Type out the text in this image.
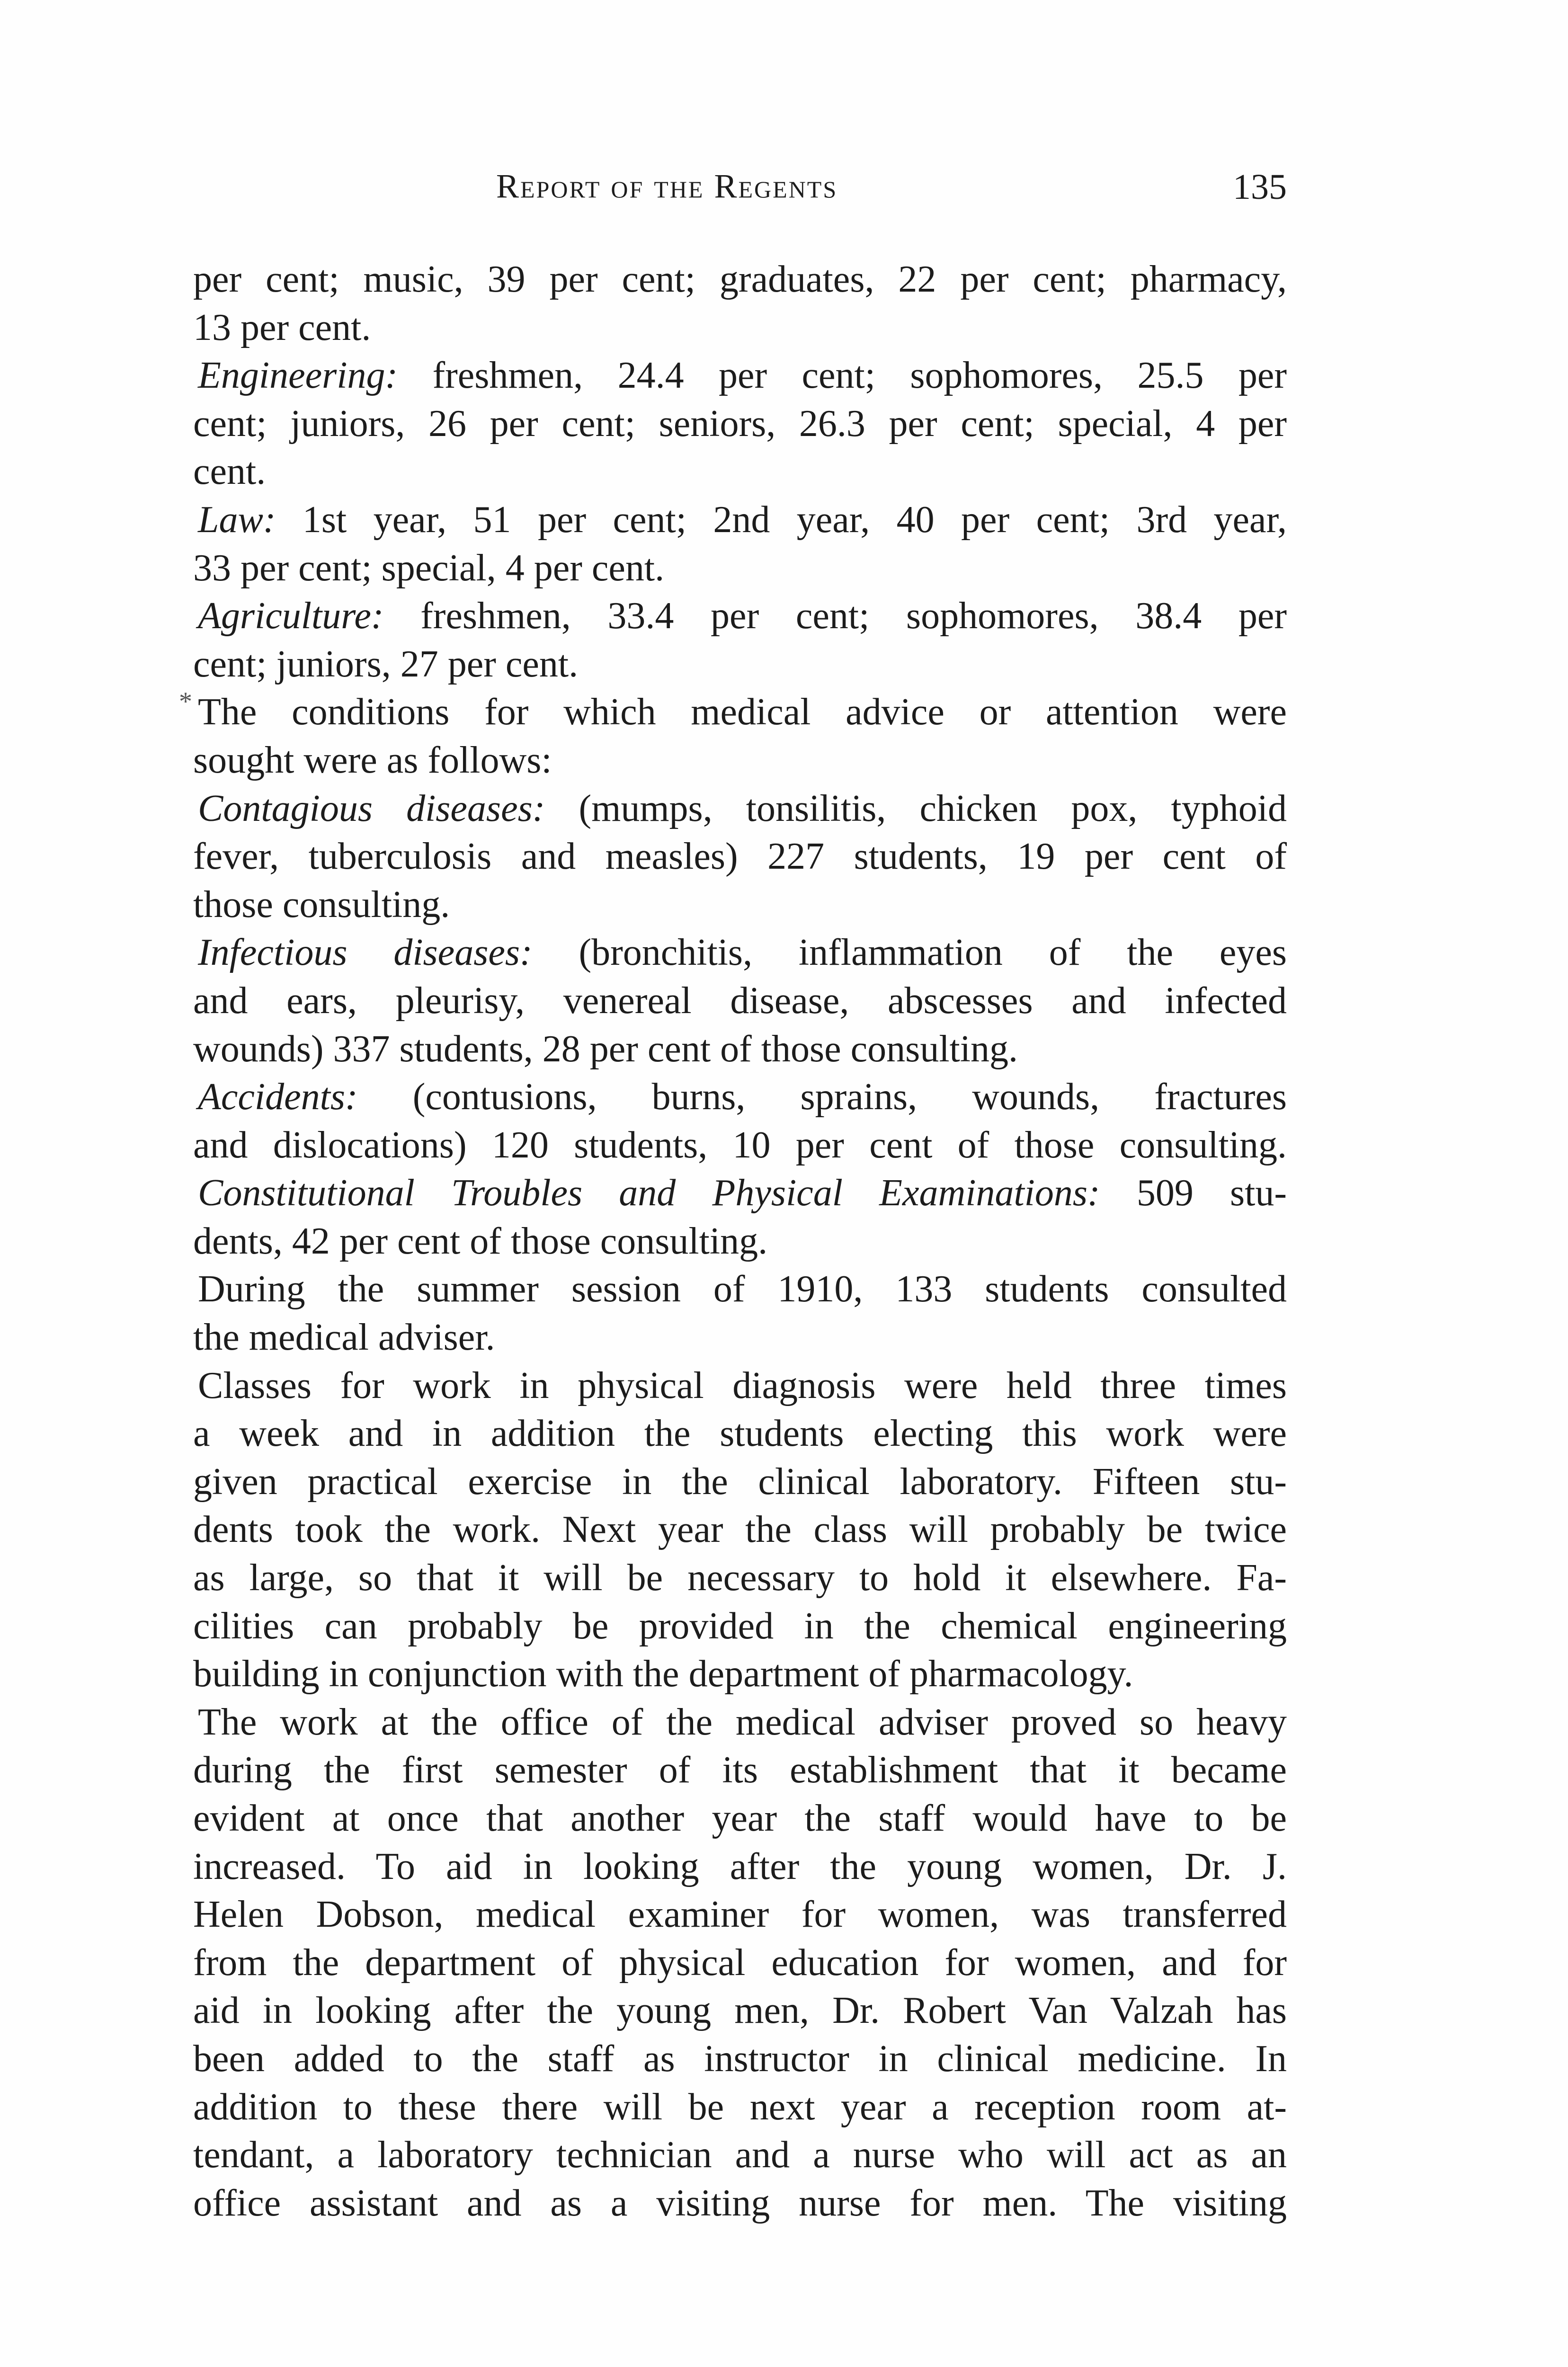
Report of the Regents	135
*
per cent; music, 39 per cent; graduates, 22 per cent; pharmacy,
13 per cent.
Engineering: freshmen, 24.4 per cent; sophomores, 25.5 per
cent; juniors, 26 per cent; seniors, 26.3 per cent; special, 4 per
cent.
Law: 1st year, 51 per cent; 2nd year, 40 per cent; 3rd year,
33 per cent; special, 4 per cent.
Agriculture: freshmen, 33.4 per cent; sophomores, 38.4 per
cent; juniors, 27 per cent.
The conditions for which medical advice or attention were
sought were as follows:
Contagious diseases: (mumps, tonsilitis, chicken pox, typhoid
fever, tuberculosis and measles) 227 students, 19 per cent of
those consulting.
Infectious diseases: (bronchitis, inflammation of the eyes
and ears, pleurisy, venereal disease, abscesses and infected
wounds) 337 students, 28 per cent of those consulting.
Accidents: (contusions, burns, sprains, wounds, fractures
and dislocations) 120 students, 10 per cent of those consulting.
Constitutional Troubles and Physical Examinations: 509 stu-
dents, 42 per cent of those consulting.
During the summer session of 1910, 133 students consulted
the medical adviser.
Classes for work in physical diagnosis were held three times
a week and in addition the students electing this work were
given practical exercise in the clinical laboratory. Fifteen stu-
dents took the work. Next year the class will probably be twice
as large, so that it will be necessary to hold it elsewhere. Fa-
cilities can probably be provided in the chemical engineering
building in conjunction with the department of pharmacology.
The work at the office of the medical adviser proved so heavy
during the first semester of its establishment that it became
evident at once that another year the staff would have to be
increased. To aid in looking after the young women, Dr. J.
Helen Dobson, medical examiner for women, was transferred
from the department of physical education for women, and for
aid in looking after the young men, Dr. Robert Van Valzah has
been added to the staff as instructor in clinical medicine. In
addition to these there will be next year a reception room at-
tendant, a laboratory technician and a nurse who will act as an
office assistant and as a visiting nurse for men. The visiting
